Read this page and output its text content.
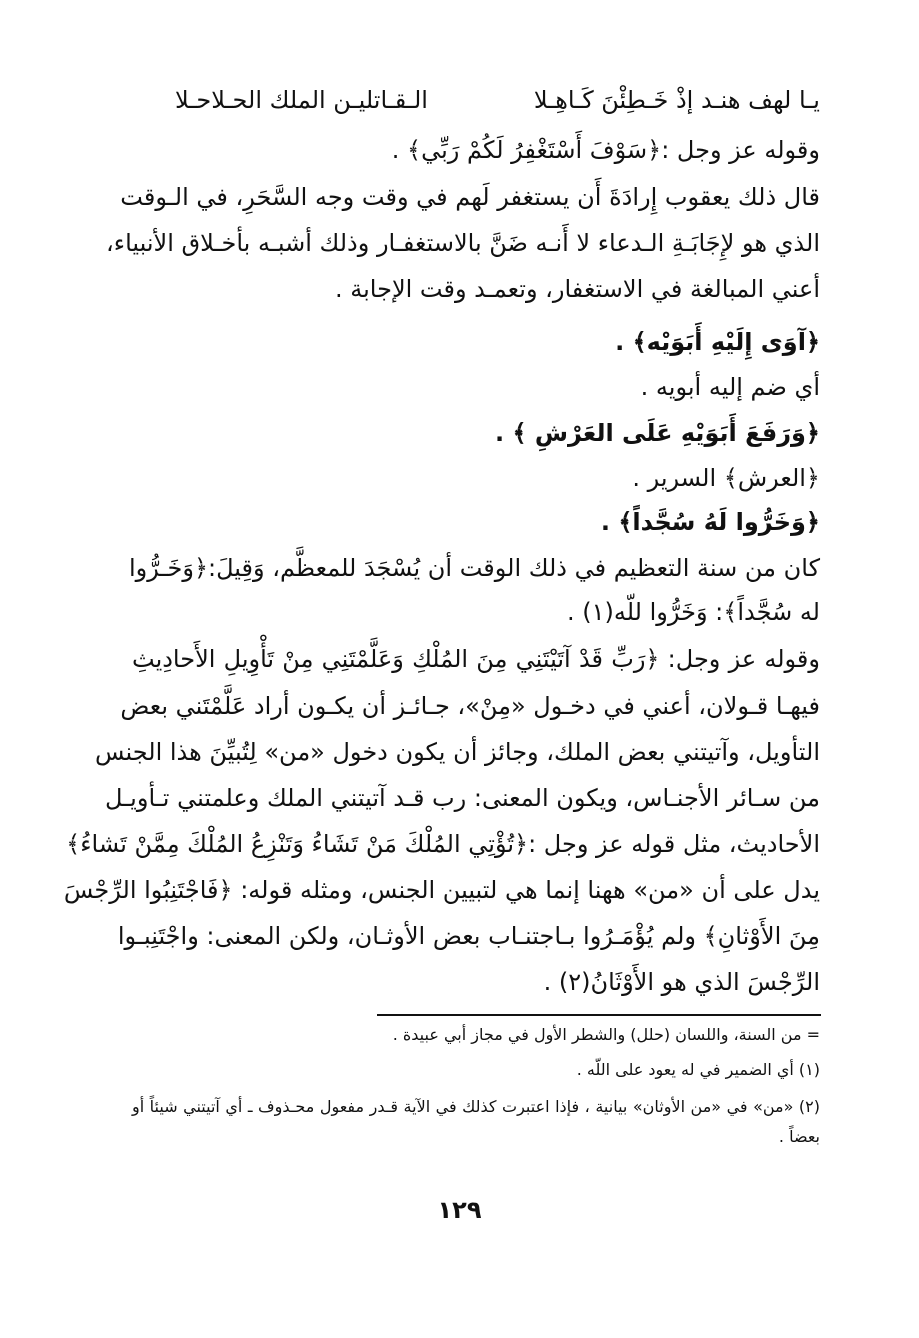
يـا لهف هنـد إذْ خَـطِئْنَ كَـاهِـلا
الـقـاتليـن الملك الحـلاحـلا
وقوله عز وجل :﴿سَوْفَ أَسْتَغْفِرُ لَكُمْ رَبِّي﴾ .
قال ذلك يعقوب إِرادَةَ أَن يستغفر لَهم في وقت وجه السَّحَرِ، في الـوقت
الذي هو لإِجَابَـةِ الـدعاء لا أَنـه ضَنَّ بالاستغفـار وذلك أشبـه بأخـلاق الأنبياء،
أعني المبالغة في الاستغفار، وتعمـد وقت الإجابة .
﴿آوَى إِلَيْهِ أَبَوَيْه﴾ .
أي ضم إليه أبويه .
﴿وَرَفَعَ أَبَوَيْهِ عَلَى العَرْشِ ﴾ .
﴿العرش﴾ السرير .
﴿وَخَرُّوا لَهُ سُجَّداً﴾ .
كان من سنة التعظيم في ذلك الوقت أن يُسْجَدَ للمعظَّم، وَقِيلَ:﴿وَخَـرُّوا
له سُجَّداً﴾: وَخَرُّوا للّه(١) .
وقوله عز وجل: ﴿رَبِّ قَدْ آتَيْتَنِي مِنَ المُلْكِ وَعَلَّمْتَنِي مِنْ تَأْوِيلِ الأَحادِيثِ
فيهـا قـولان، أعني في دخـول «مِنْ»، جـائـز أن يكـون أراد عَلَّمْتَني بعض
التأويل، وآتيتني بعض الملك، وجائز أن يكون دخول «من» لِتُبيِّنَ هذا الجنس
من سـائر الأجنـاس، ويكون المعنى: رب قـد آتيتني الملك وعلمتني تـأويـل
الأحاديث، مثل قوله عز وجل :﴿تُؤْتِي المُلْكَ مَنْ تَشَاءُ وَتَنْزِعُ المُلْكَ مِمَّنْ تَشاءُ﴾
يدل على أن «من» ههنا إنما هي لتبيين الجنس، ومثله قوله: ﴿فَاجْتَنِبُوا الرِّجْسَ
مِنَ الأَوْثانِ﴾ ولم يُؤْمَـرُوا بـاجتنـاب بعض الأوثـان، ولكن المعنى: واجْتَنِبـوا
الرِّجْسَ الذي هو الأَوْثَانُ(٢) .
= من السنة، واللسان (حلل) والشطر الأول في مجاز أبي عبيدة .
(١) أي الضمير في له يعود على اللّه .
(٢) «من» في «من الأوثان» بيانية ، فإذا اعتبرت كذلك في الآية قـدر مفعول محـذوف ـ أي آتيتني شيئاً أو
بعضاً .
١٢٩
